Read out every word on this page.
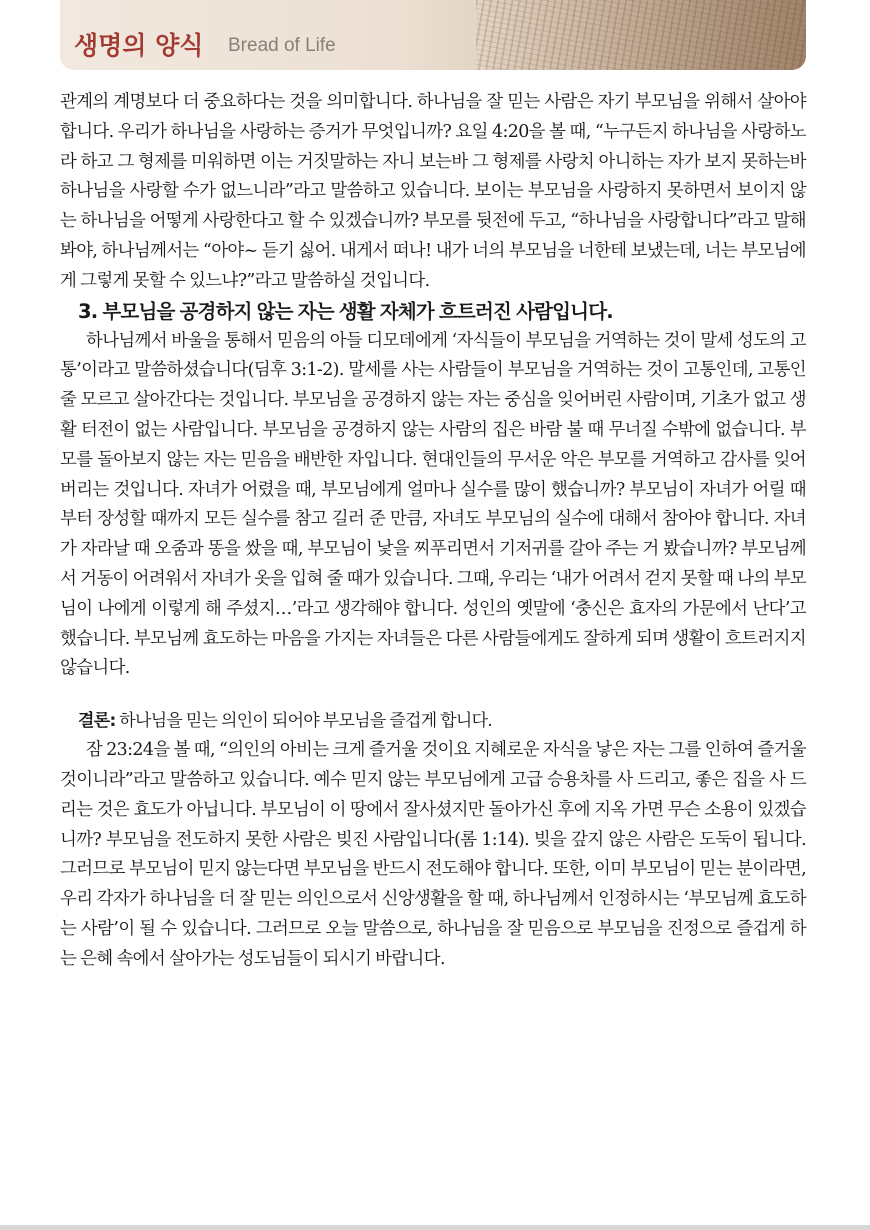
생명의 양식 Bread of Life

관계의 계명보다 더 중요하다는 것을 의미합니다. 하나님을 잘 믿는 사람은 자기 부모님을 위해서 살아야 합니다. 우리가 하나님을 사랑하는 증거가 무엇입니까? 요일 4:20을 볼 때, “누구든지 하나님을 사랑하노라 하고 그 형제를 미워하면 이는 거짓말하는 자니 보는바 그 형제를 사랑치 아니하는 자가 보지 못하는바 하나님을 사랑할 수가 없느니라”라고 말씀하고 있습니다. 보이는 부모님을 사랑하지 못하면서 보이지 않는 하나님을 어떻게 사랑한다고 할 수 있겠습니까? 부모를 뒷전에 두고, “하나님을 사랑합니다”라고 말해 봐야, 하나님께서는 “아야~ 듣기 싫어. 내게서 떠나! 내가 너의 부모님을 너한테 보냈는데, 너는 부모님에게 그렇게 못할 수 있느냐?”라고 말씀하실 것입니다.

3. 부모님을 공경하지 않는 자는 생활 자체가 흐트러진 사람입니다.

하나님께서 바울을 통해서 믿음의 아들 디모데에게 ‘자식들이 부모님을 거역하는 것이 말세 성도의 고통’이라고 말씀하셨습니다(딤후 3:1-2). 말세를 사는 사람들이 부모님을 거역하는 것이 고통인데, 고통인 줄 모르고 살아간다는 것입니다. 부모님을 공경하지 않는 자는 중심을 잊어버린 사람이며, 기초가 없고 생활 터전이 없는 사람입니다. 부모님을 공경하지 않는 사람의 집은 바람 불 때 무너질 수밖에 없습니다. 부모를 돌아보지 않는 자는 믿음을 배반한 자입니다. 현대인들의 무서운 악은 부모를 거역하고 감사를 잊어버리는 것입니다. 자녀가 어렸을 때, 부모님에게 얼마나 실수를 많이 했습니까? 부모님이 자녀가 어릴 때부터 장성할 때까지 모든 실수를 참고 길러 준 만큼, 자녀도 부모님의 실수에 대해서 참아야 합니다. 자녀가 자라날 때 오줌과 똥을 쌌을 때, 부모님이 낯을 찌푸리면서 기저귀를 갈아 주는 거 봤습니까? 부모님께서 거동이 어려워서 자녀가 옷을 입혀 줄 때가 있습니다. 그때, 우리는 ‘내가 어려서 걷지 못할 때 나의 부모님이 나에게 이렇게 해 주셨지…’라고 생각해야 합니다. 성인의 옛말에 ‘충신은 효자의 가문에서 난다’고 했습니다. 부모님께 효도하는 마음을 가지는 자녀들은 다른 사람들에게도 잘하게 되며 생활이 흐트러지지 않습니다.

결론: 하나님을 믿는 의인이 되어야 부모님을 즐겁게 합니다.

잠 23:24을 볼 때, “의인의 아비는 크게 즐거울 것이요 지혜로운 자식을 낳은 자는 그를 인하여 즐거울 것이니라”라고 말씀하고 있습니다. 예수 믿지 않는 부모님에게 고급 승용차를 사 드리고, 좋은 집을 사 드리는 것은 효도가 아닙니다. 부모님이 이 땅에서 잘사셨지만 돌아가신 후에 지옥 가면 무슨 소용이 있겠습니까? 부모님을 전도하지 못한 사람은 빚진 사람입니다(롬 1:14). 빚을 갚지 않은 사람은 도둑이 됩니다. 그러므로 부모님이 믿지 않는다면 부모님을 반드시 전도해야 합니다. 또한, 이미 부모님이 믿는 분이라면, 우리 각자가 하나님을 더 잘 믿는 의인으로서 신앙생활을 할 때, 하나님께서 인정하시는 ‘부모님께 효도하는 사람’이 될 수 있습니다. 그러므로 오늘 말씀으로, 하나님을 잘 믿음으로 부모님을 진정으로 즐겁게 하는 은혜 속에서 살아가는 성도님들이 되시기 바랍니다.
